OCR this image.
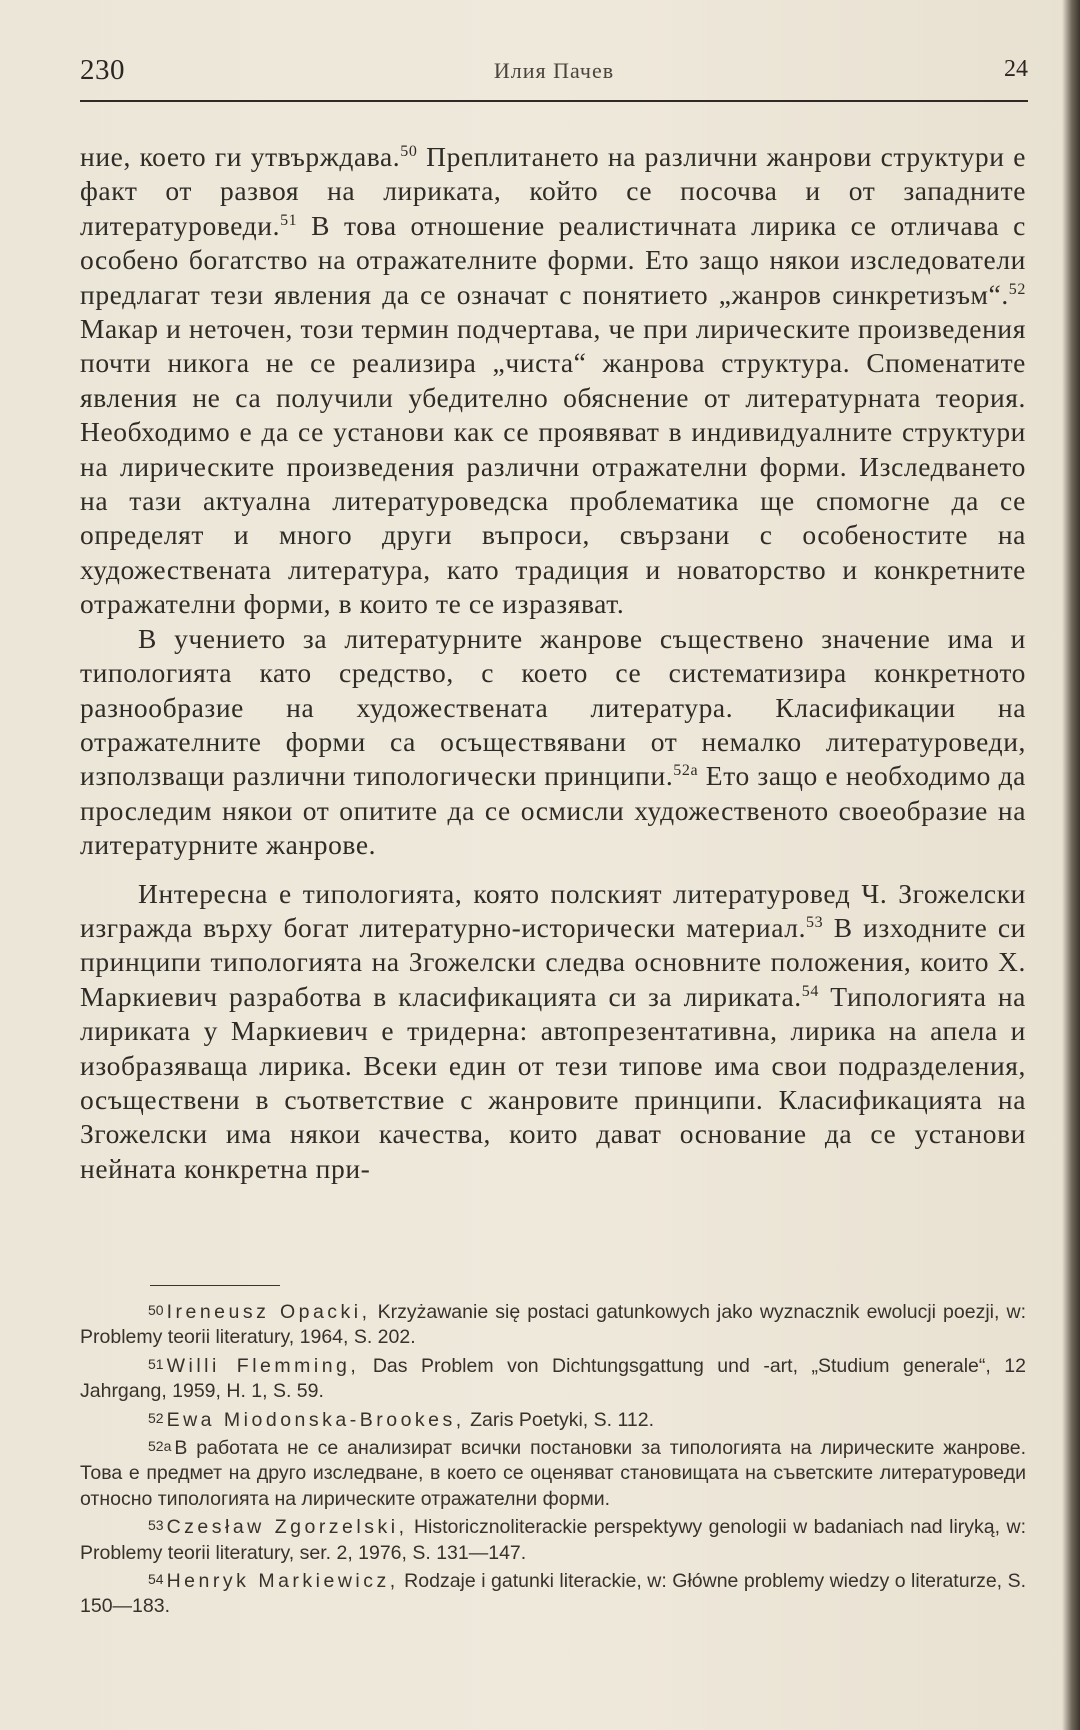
230	Илия Пачев	24

ние, което ги утвърждава.$^{50}$ Преплитането на различни жанрови структури е факт от развоя на лириката, който се посочва и от западните литературоведи.$^{51}$ В това отношение реалистичната лирика се отличава с особено богатство на отражателните форми. Ето защо някои изследователи предлагат тези явления да се означат с понятието „жанров синкретизъм“.$^{52}$ Макар и неточен, този термин подчертава, че при лирическите произведения почти никога не се реализира „чиста“ жанрова структура. Споменатите явления не са получили убедително обяснение от литературната теория. Необходимо е да се установи как се проявяват в индивидуалните структури на лирическите произведения различни отражателни форми. Изследването на тази актуална литературоведска проблематика ще спомогне да се определят и много други въпроси, свързани с особеностите на художествената литература, като традиция и новаторство и конкретните отражателни форми, в които те се изразяват.

В учението за литературните жанрове съществено значение има и типологията като средство, с което се систематизира конкретното разнообразие на художествената литература. Класификации на отражателните форми са осъществявани от немалко литературоведи, използващи различни типологически принципи.$^{52a}$ Ето защо е необходимо да проследим някои от опитите да се осмисли художественото своеобразие на литературните жанрове.

Интересна е типологията, която полският литературовед Ч. Згожелски изгражда върху богат литературно-исторически материал.$^{53}$ В изходните си принципи типологията на Згожелски следва основните положения, които Х. Маркиевич разработва в класификацията си за лириката.$^{54}$ Типологията на лириката у Маркиевич е тридерна: автопрезентативна, лирика на апела и изобразяваща лирика. Всеки един от тези типове има свои подразделения, осъществени в съответствие с жанровите принципи. Класификацията на Згожелски има някои качества, които дават основание да се установи нейната конкретна при-

$^{50}$ Ireneusz Opacki, Krzyżawanie się postaci gatunkowych jako wyznacznik ewolucji poezji, w: Problemy teorii literatury, 1964, S. 202.

$^{51}$ Willi Flemming, Das Problem von Dichtungsgattung und -art, „Studium generale“, 12 Jahrgang, 1959, H. 1, S. 59.

$^{52}$ Ewa Miodonska-Brookes, Zaris Poetyki, S. 112.

$^{52a}$ В работата не се анализират всички постановки за типологията на лирическите жанрове. Това е предмет на друго изследване, в което се оценяват становищата на съветските литературоведи относно типологията на лирическите отражателни форми.

$^{53}$ Czesław Zgorzelski, Historicznoliterackie perspektywy genologii w badaniach nad liryką, w: Problemy teorii literatury, ser. 2, 1976, S. 131—147.

$^{54}$ Henryk Markiewicz, Rodzaje i gatunki literackie, w: Główne problemy wiedzy o literaturze, S. 150—183.
